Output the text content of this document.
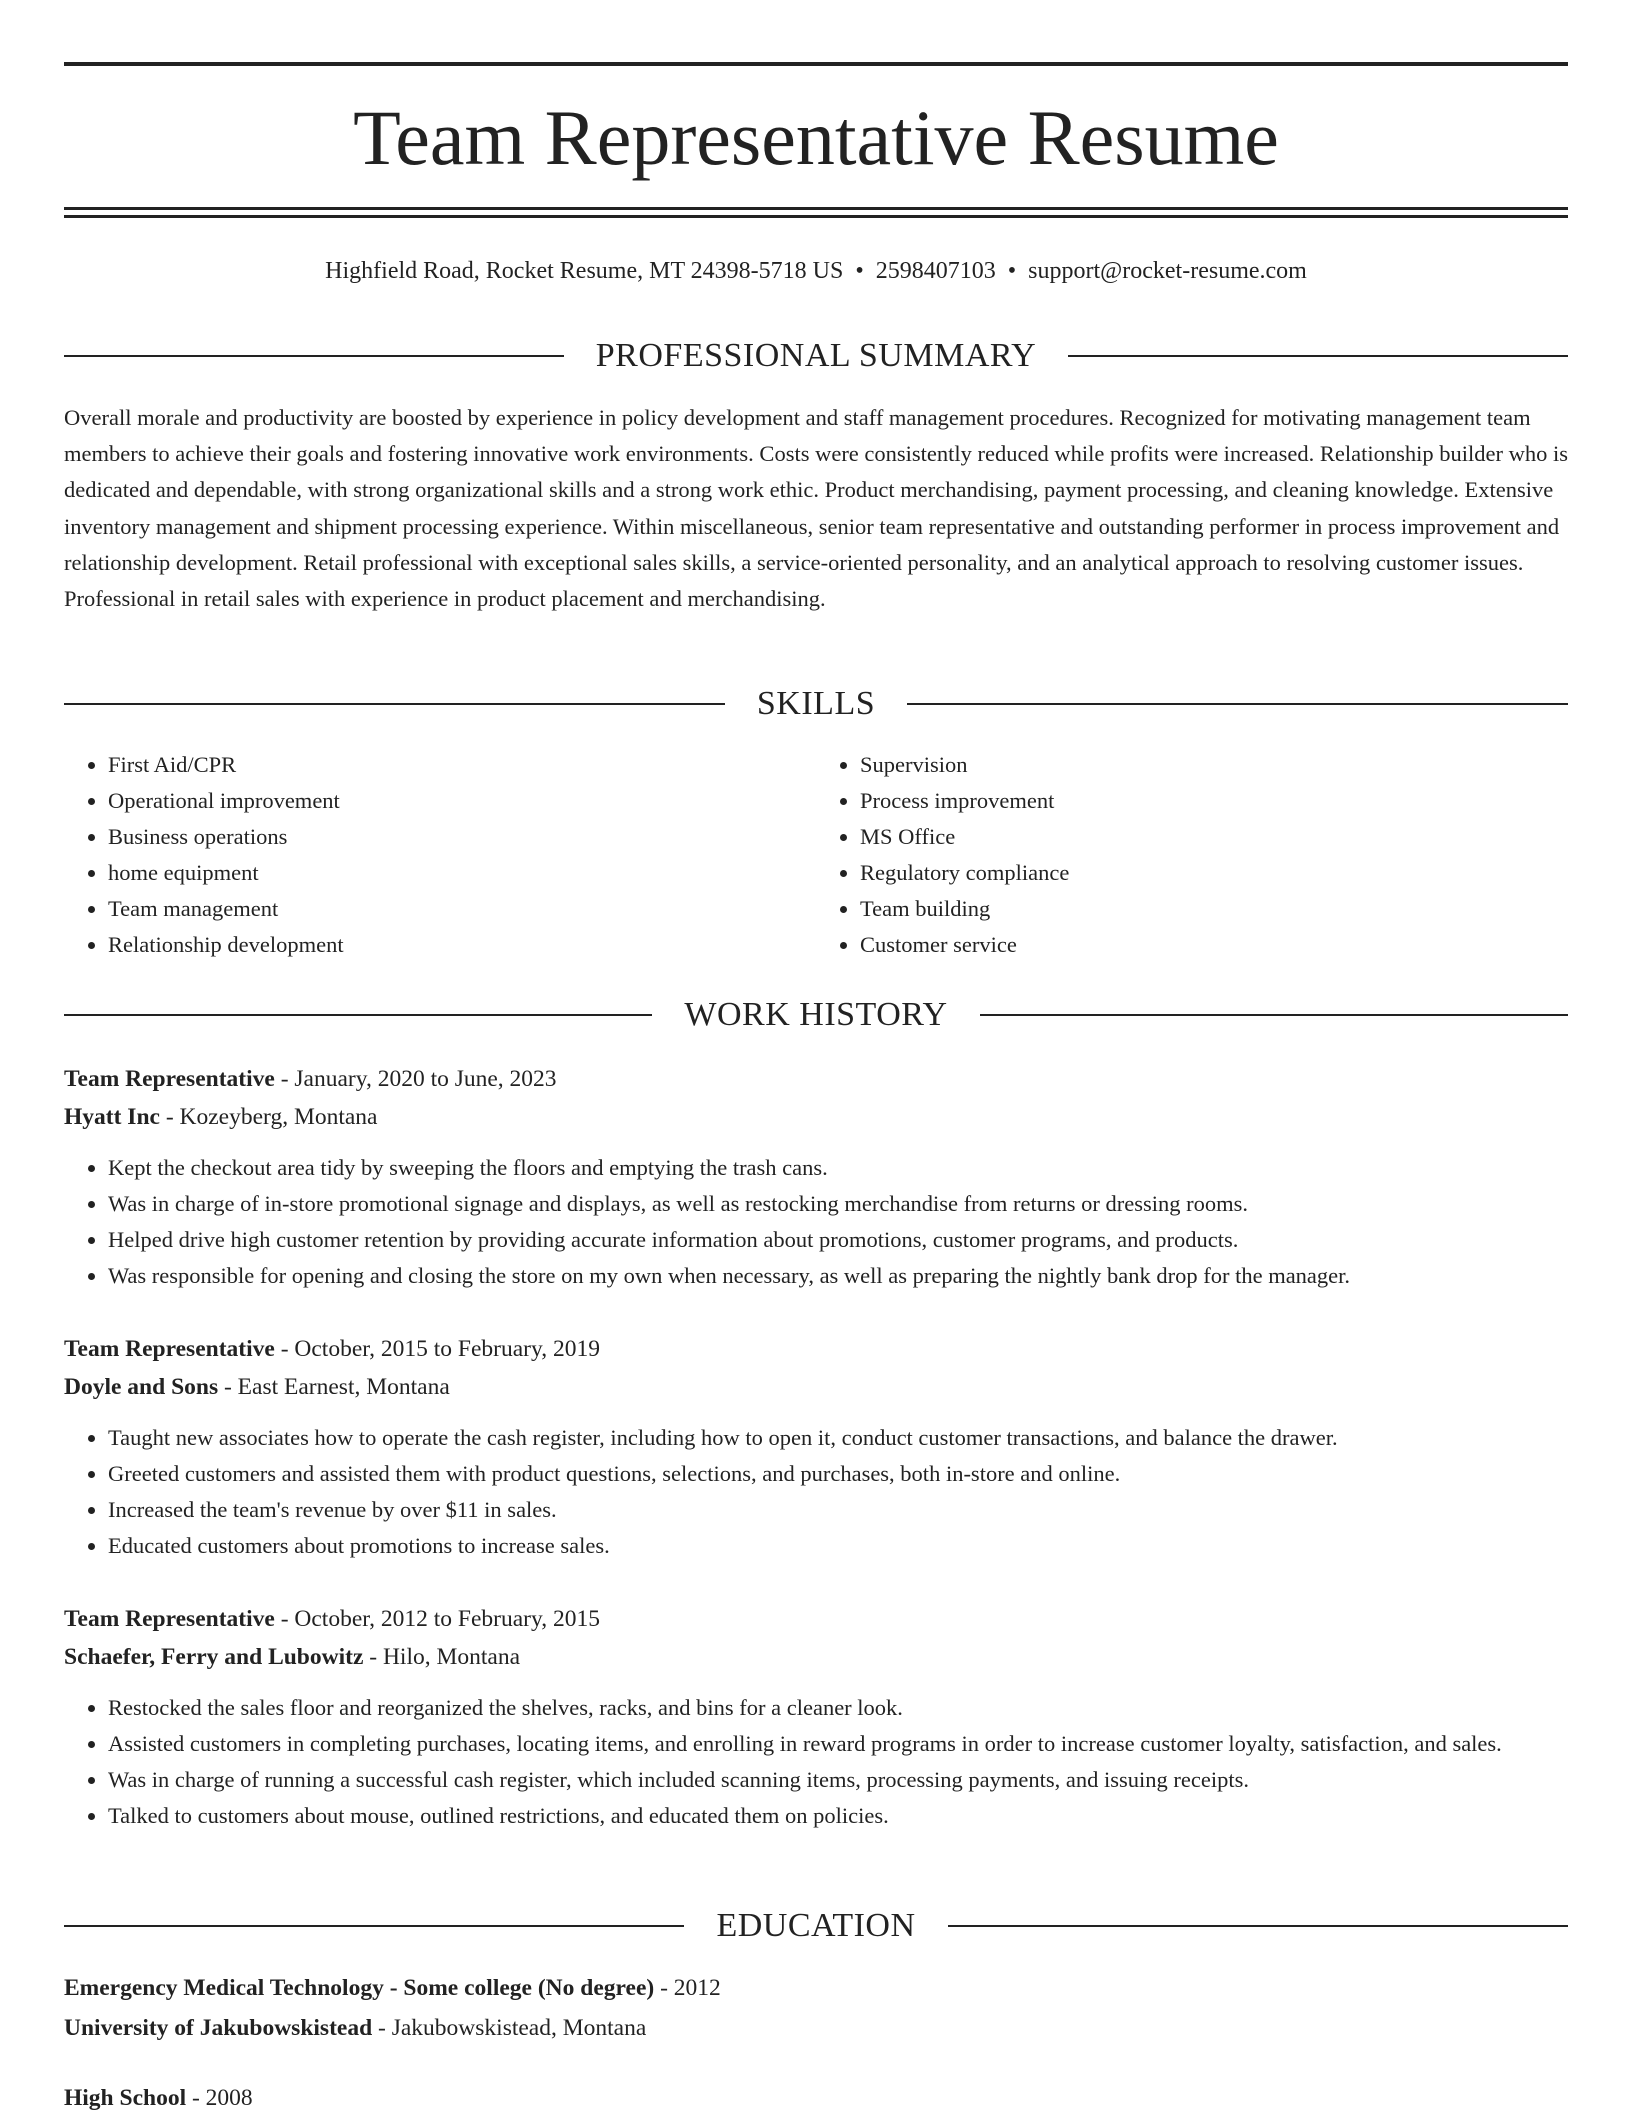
Team Representative Resume
Highfield Road, Rocket Resume, MT 24398-5718 US • 2598407103 • support@rocket-resume.com
PROFESSIONAL SUMMARY
Overall morale and productivity are boosted by experience in policy development and staff management procedures. Recognized for motivating management team members to achieve their goals and fostering innovative work environments. Costs were consistently reduced while profits were increased. Relationship builder who is dedicated and dependable, with strong organizational skills and a strong work ethic. Product merchandising, payment processing, and cleaning knowledge. Extensive inventory management and shipment processing experience. Within miscellaneous, senior team representative and outstanding performer in process improvement and relationship development. Retail professional with exceptional sales skills, a service-oriented personality, and an analytical approach to resolving customer issues. Professional in retail sales with experience in product placement and merchandising.
SKILLS
• First Aid/CPR
• Operational improvement
• Business operations
• home equipment
• Team management
• Relationship development
• Supervision
• Process improvement
• MS Office
• Regulatory compliance
• Team building
• Customer service
WORK HISTORY
Team Representative - January, 2020 to June, 2023
Hyatt Inc - Kozeyberg, Montana
• Kept the checkout area tidy by sweeping the floors and emptying the trash cans.
• Was in charge of in-store promotional signage and displays, as well as restocking merchandise from returns or dressing rooms.
• Helped drive high customer retention by providing accurate information about promotions, customer programs, and products.
• Was responsible for opening and closing the store on my own when necessary, as well as preparing the nightly bank drop for the manager.
Team Representative - October, 2015 to February, 2019
Doyle and Sons - East Earnest, Montana
• Taught new associates how to operate the cash register, including how to open it, conduct customer transactions, and balance the drawer.
• Greeted customers and assisted them with product questions, selections, and purchases, both in-store and online.
• Increased the team's revenue by over $11 in sales.
• Educated customers about promotions to increase sales.
Team Representative - October, 2012 to February, 2015
Schaefer, Ferry and Lubowitz - Hilo, Montana
• Restocked the sales floor and reorganized the shelves, racks, and bins for a cleaner look.
• Assisted customers in completing purchases, locating items, and enrolling in reward programs in order to increase customer loyalty, satisfaction, and sales.
• Was in charge of running a successful cash register, which included scanning items, processing payments, and issuing receipts.
• Talked to customers about mouse, outlined restrictions, and educated them on policies.
EDUCATION
Emergency Medical Technology - Some college (No degree) - 2012
University of Jakubowskistead - Jakubowskistead, Montana
High School - 2008
